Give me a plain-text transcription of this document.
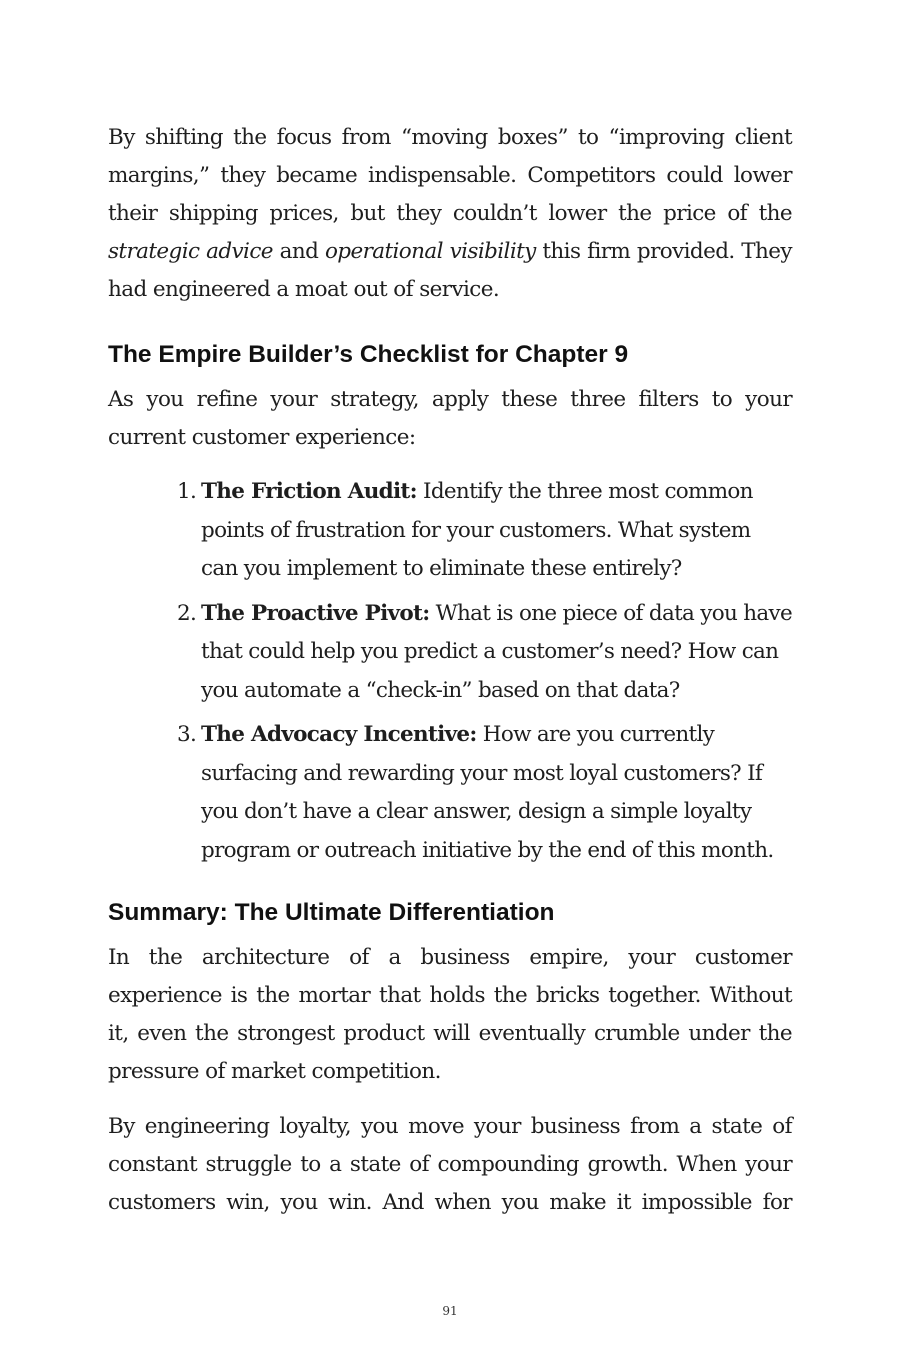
By shifting the focus from “moving boxes” to “improving client margins,” they became indispensable. Competitors could lower their shipping prices, but they couldn’t lower the price of the strategic advice and operational visibility this firm provided. They had engineered a moat out of service.

The Empire Builder’s Checklist for Chapter 9

As you refine your strategy, apply these three filters to your current customer experience:

1. The Friction Audit: Identify the three most common points of frustration for your customers. What system can you implement to eliminate these entirely?
2. The Proactive Pivot: What is one piece of data you have that could help you predict a customer’s need? How can you automate a “check-in” based on that data?
3. The Advocacy Incentive: How are you currently surfacing and rewarding your most loyal customers? If you don’t have a clear answer, design a simple loyalty program or outreach initiative by the end of this month.
Summary: The Ultimate Differentiation

In the architecture of a business empire, your customer experience is the mortar that holds the bricks together. Without it, even the strongest product will eventually crumble under the pressure of market competition.

By engineering loyalty, you move your business from a state of constant struggle to a state of compounding growth. When your customers win, you win. And when you make it impossible for

91
